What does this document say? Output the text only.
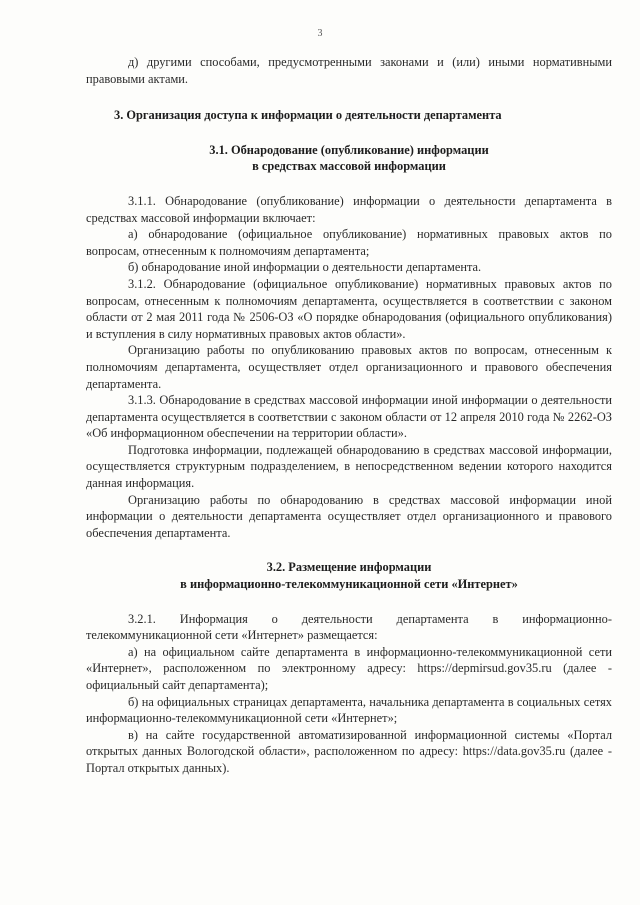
3

д) другими способами, предусмотренными законами и (или) иными нормативными правовыми актами.

3. Организация доступа к информации о деятельности департамента

3.1. Обнародование (опубликование) информации
в средствах массовой информации

3.1.1. Обнародование (опубликование) информации о деятельности департамента в средствах массовой информации включает:

а) обнародование (официальное опубликование) нормативных правовых актов по вопросам, отнесенным к полномочиям департамента;

б) обнародование иной информации о деятельности департамента.

3.1.2. Обнародование (официальное опубликование) нормативных правовых актов по вопросам, отнесенным к полномочиям департамента, осуществляется в соответствии с законом области от 2 мая 2011 года № 2506-ОЗ «О порядке обнародования (официального опубликования) и вступления в силу нормативных правовых актов области».

Организацию работы по опубликованию правовых актов по вопросам, отнесенным к полномочиям департамента, осуществляет отдел организационного и правового обеспечения департамента.

3.1.3. Обнародование в средствах массовой информации иной информации о деятельности департамента осуществляется в соответствии с законом области от 12 апреля 2010 года № 2262-ОЗ «Об информационном обеспечении на территории области».

Подготовка информации, подлежащей обнародованию в средствах массовой информации, осуществляется структурным подразделением, в непосредственном ведении которого находится данная информация.

Организацию работы по обнародованию в средствах массовой информации иной информации о деятельности департамента осуществляет отдел организационного и правового обеспечения департамента.

3.2. Размещение информации
в информационно-телекоммуникационной сети «Интернет»

3.2.1. Информация о деятельности департамента в информационно-телекоммуникационной сети «Интернет» размещается:

а) на официальном сайте департамента в информационно-телекоммуникационной сети «Интернет», расположенном по электронному адресу: https://depmirsud.gov35.ru (далее - официальный сайт департамента);

б) на официальных страницах департамента, начальника департамента в социальных сетях информационно-телекоммуникационной сети «Интернет»;

в) на сайте государственной автоматизированной информационной системы «Портал открытых данных Вологодской области», расположенном по адресу: https://data.gov35.ru (далее - Портал открытых данных).
